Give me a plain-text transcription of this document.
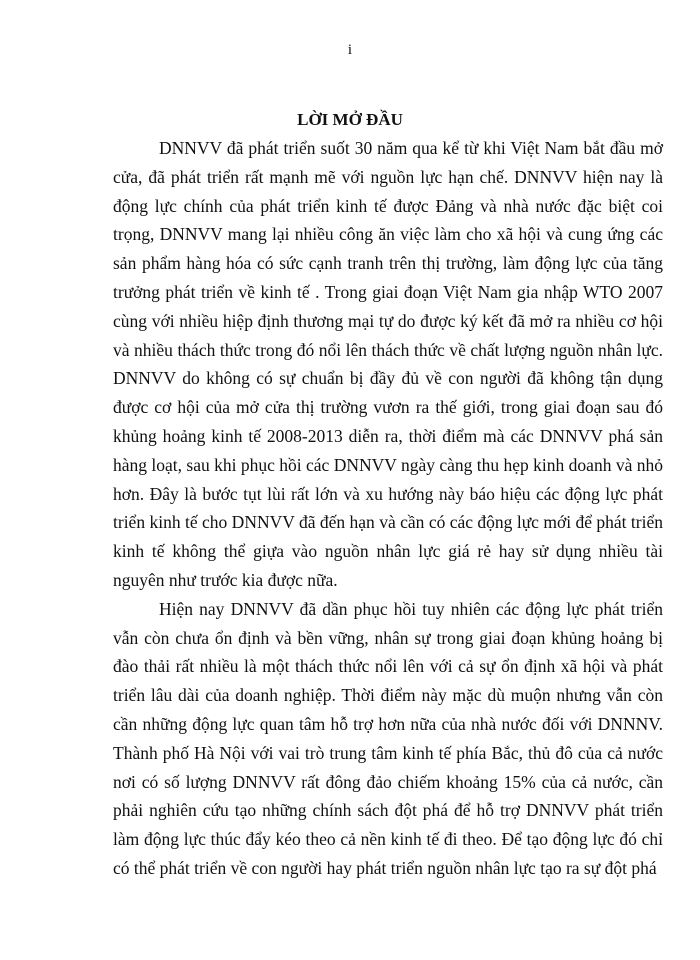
i
LỜI MỞ ĐẦU

DNNVV đã phát triển suốt 30 năm qua kể từ khi Việt Nam bắt đầu mở cửa, đã phát triển rất mạnh mẽ với nguồn lực hạn chế. DNNVV hiện nay là động lực chính của phát triển kinh tế được Đảng và nhà nước đặc biệt coi trọng, DNNVV mang lại nhiều công ăn việc làm cho xã hội và cung ứng các sản phẩm hàng hóa có sức cạnh tranh trên thị trường, làm động lực của tăng trưởng phát triển về kinh tế . Trong giai đoạn Việt Nam gia nhập WTO 2007 cùng với nhiều hiệp định thương mại tự do được ký kết đã mở ra nhiều cơ hội và nhiều thách thức trong đó nổi lên thách thức về chất lượng nguồn nhân lực. DNNVV do không có sự chuẩn bị đầy đủ về con người đã không tận dụng được cơ hội của mở cửa thị trường vươn ra thế giới, trong giai đoạn sau đó khủng hoảng kinh tế 2008-2013 diễn ra, thời điểm mà các DNNVV phá sản hàng loạt, sau khi phục hồi các DNNVV ngày càng thu hẹp kinh doanh và nhỏ hơn. Đây là bước tụt lùi rất lớn và xu hướng này báo hiệu các động lực phát triển kinh tế cho DNNVV đã đến hạn và cần có các động lực mới để phát triển kinh tế không thể giựa vào nguồn nhân lực giá rẻ hay sử dụng nhiều tài nguyên như trước kia được nữa.

Hiện nay DNNVV đã dần phục hồi tuy nhiên các động lực phát triển vẫn còn chưa ổn định và bền vững, nhân sự trong giai đoạn khủng hoảng bị đào thải rất nhiều là một thách thức nổi lên với cả sự ổn định xã hội và phát triển lâu dài của doanh nghiệp. Thời điểm này mặc dù muộn nhưng vẫn còn cần những động lực quan tâm hỗ trợ hơn nữa của nhà nước đối với DNNNV. Thành phố Hà Nội với vai trò trung tâm kinh tế phía Bắc, thủ đô của cả nước nơi có số lượng DNNVV rất đông đảo chiếm khoảng 15% của cả nước, cần phải nghiên cứu tạo những chính sách đột phá để hỗ trợ DNNVV phát triển làm động lực thúc đẩy kéo theo cả nền kinh tế đi theo. Để tạo động lực đó chỉ có thể phát triển về con người hay phát triển nguồn nhân lực tạo ra sự đột phá
